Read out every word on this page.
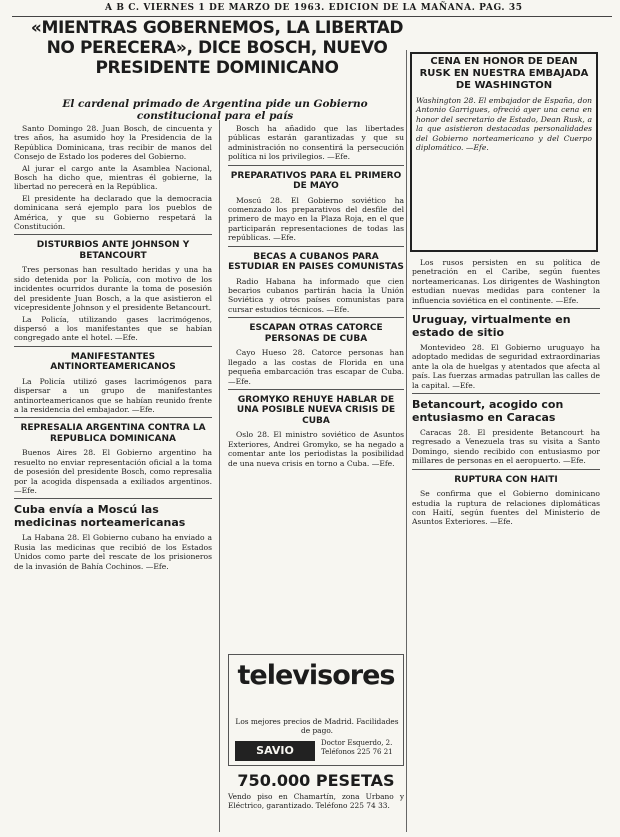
A B C. VIERNES 1 DE MARZO DE 1963. EDICION DE LA MAÑANA. PAG. 35
«MIENTRAS GOBERNEMOS, LA LIBERTAD NO PERECERA», DICE BOSCH, NUEVO PRESIDENTE DOMINICANO
El cardenal primado de Argentina pide un Gobierno constitucional para el país

Santo Domingo 28. Juan Bosch, de cincuenta y tres años, ha asumido hoy la Presidencia de la República Dominicana, tras recibir de manos del Consejo de Estado los poderes del Gobierno.

Al jurar el cargo ante la Asamblea Nacional, Bosch ha dicho que, mientras él gobierne, la libertad no perecerá en la República.

El presidente ha declarado que la democracia dominicana será ejemplo para los pueblos de América, y que su Gobierno respetará la Constitución.

DISTURBIOS ANTE JOHNSON Y BETANCOURT

Tres personas han resultado heridas y una ha sido detenida por la Policía, con motivo de los incidentes ocurridos durante la toma de posesión del presidente Juan Bosch, a la que asistieron el vicepresidente Johnson y el presidente Betancourt.

La Policía, utilizando gases lacrimógenos, dispersó a los manifestantes que se habían congregado ante el hotel. —Efe.

MANIFESTANTES ANTINORTEAMERICANOS

La Policía utilizó gases lacrimógenos para dispersar a un grupo de manifestantes antinorteamericanos que se habían reunido frente a la residencia del embajador. —Efe.

REPRESALIA ARGENTINA CONTRA LA REPUBLICA DOMINICANA

Buenos Aires 28. El Gobierno argentino ha resuelto no enviar representación oficial a la toma de posesión del presidente Bosch, como represalia por la acogida dispensada a exiliados argentinos. —Efe.

Cuba envía a Moscú las medicinas norteamericanas

La Habana 28. El Gobierno cubano ha enviado a Rusia las medicinas que recibió de los Estados Unidos como parte del rescate de los prisioneros de la invasión de Bahía Cochinos. —Efe.

Bosch ha añadido que las libertades públicas estarán garantizadas y que su administración no consentirá la persecución política ni los privilegios. —Efe.

PREPARATIVOS PARA EL PRIMERO DE MAYO

Moscú 28. El Gobierno soviético ha comenzado los preparativos del desfile del primero de mayo en la Plaza Roja, en el que participarán representaciones de todas las repúblicas. —Efe.

BECAS A CUBANOS PARA ESTUDIAR EN PAISES COMUNISTAS

Radio Habana ha informado que cien becarios cubanos partirán hacia la Unión Soviética y otros países comunistas para cursar estudios técnicos. —Efe.

ESCAPAN OTRAS CATORCE PERSONAS DE CUBA

Cayo Hueso 28. Catorce personas han llegado a las costas de Florida en una pequeña embarcación tras escapar de Cuba. —Efe.

GROMYKO REHUYE HABLAR DE UNA POSIBLE NUEVA CRISIS DE CUBA

Oslo 28. El ministro soviético de Asuntos Exteriores, Andrei Gromyko, se ha negado a comentar ante los periodistas la posibilidad de una nueva crisis en torno a Cuba. —Efe.

televisores
Los mejores precios de Madrid. Facilidades de pago.
SAVIO
Doctor Esquerdo, 2. Teléfonos 225 76 21
750.000 PESETAS
Vendo piso en Chamartín, zona Urbano y Eléctrico, garantizado. Teléfono 225 74 33.
CENA EN HONOR DE DEAN RUSK EN NUESTRA EMBAJADA DE WASHINGTON

Washington 28. El embajador de España, don Antonio Garrigues, ofreció ayer una cena en honor del secretario de Estado, Dean Rusk, a la que asistieron destacadas personalidades del Gobierno norteamericano y del Cuerpo diplomático. —Efe.

Los rusos persisten en su política de penetración en el Caribe, según fuentes norteamericanas. Los dirigentes de Washington estudian nuevas medidas para contener la influencia soviética en el continente. —Efe.

Uruguay, virtualmente en estado de sitio

Montevideo 28. El Gobierno uruguayo ha adoptado medidas de seguridad extraordinarias ante la ola de huelgas y atentados que afecta al país. Las fuerzas armadas patrullan las calles de la capital. —Efe.

Betancourt, acogido con entusiasmo en Caracas

Caracas 28. El presidente Betancourt ha regresado a Venezuela tras su visita a Santo Domingo, siendo recibido con entusiasmo por millares de personas en el aeropuerto. —Efe.

RUPTURA CON HAITI

Se confirma que el Gobierno dominicano estudia la ruptura de relaciones diplomáticas con Haití, según fuentes del Ministerio de Asuntos Exteriores. —Efe.
